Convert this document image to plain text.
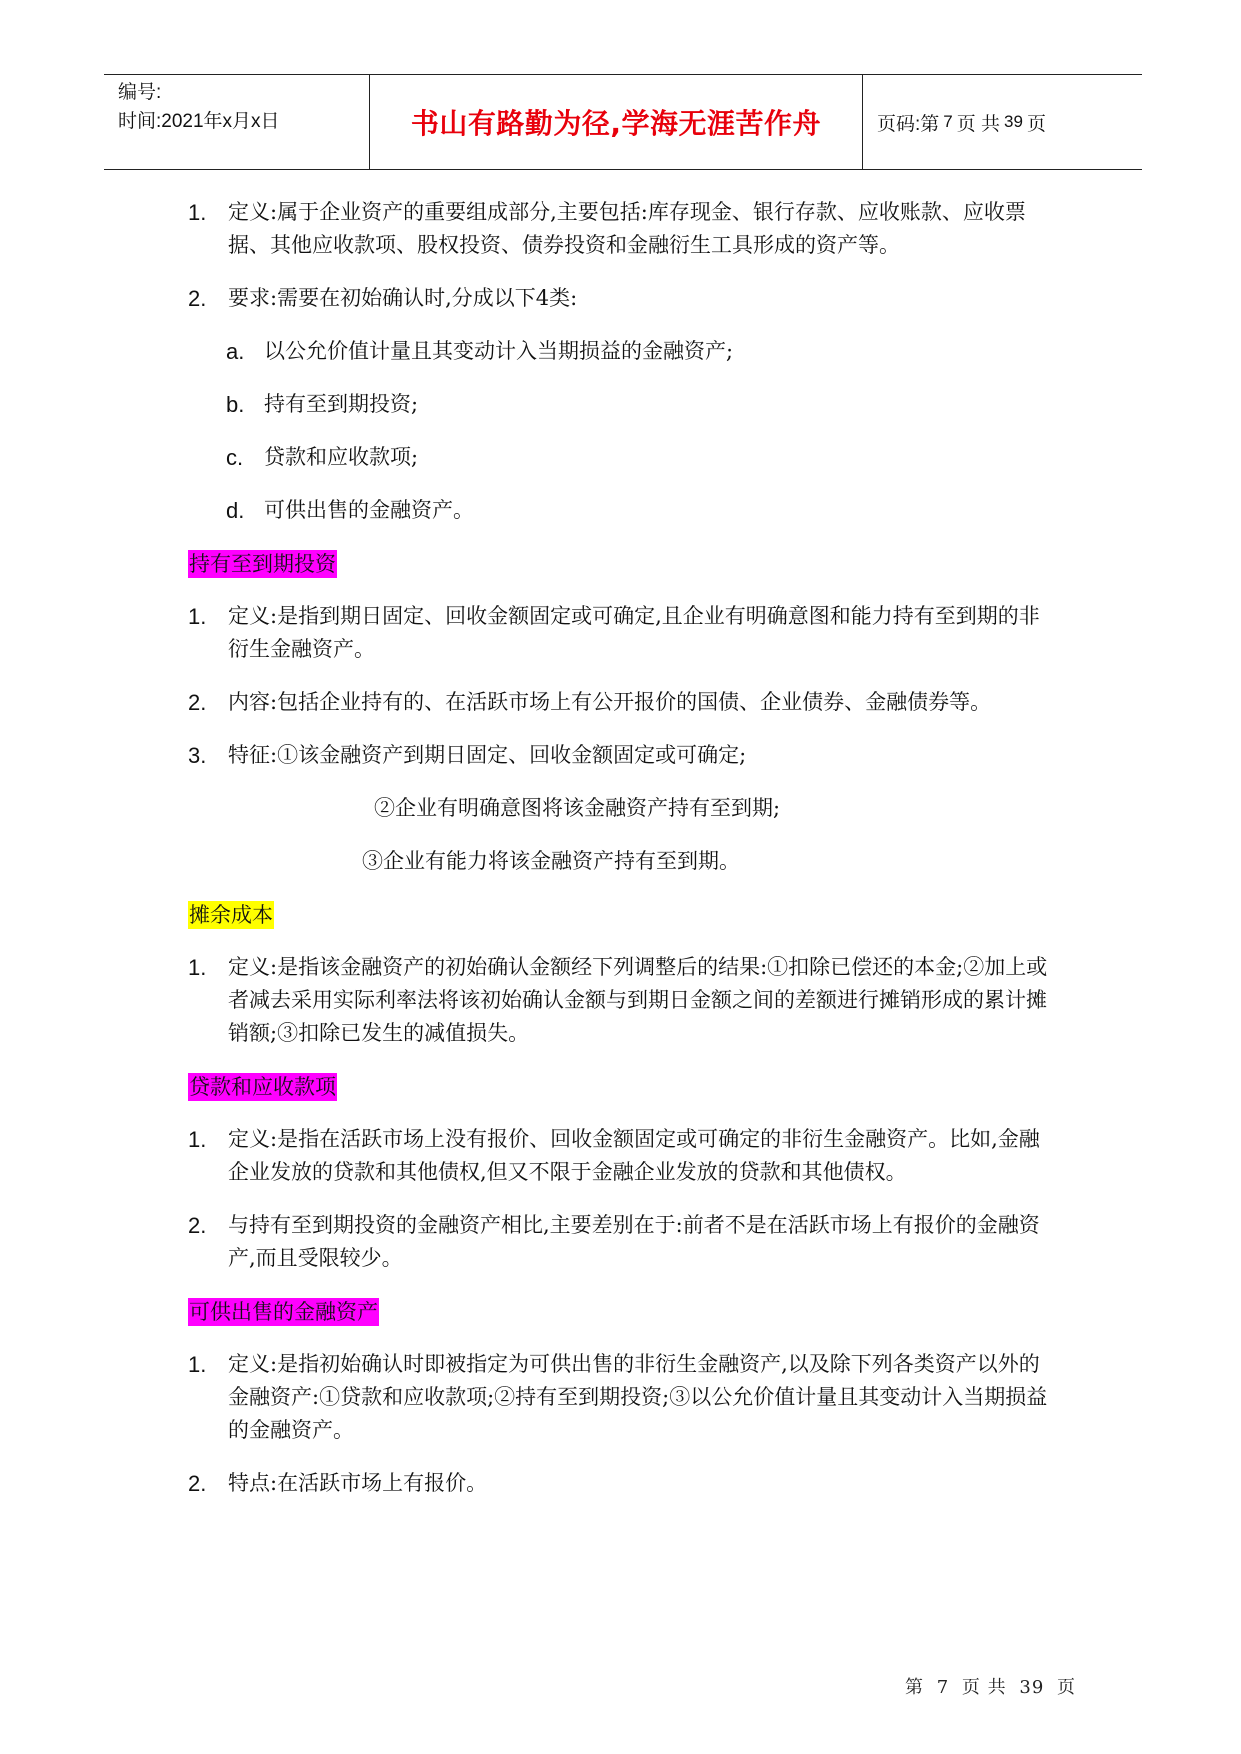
编号:
时间:2021年x月x日	书山有路勤为径,学海无涯苦作舟	页码:第 7 页 共 39 页
1. 定义:属于企业资产的重要组成部分,主要包括:库存现金、银行存款、应收账款、应收票据、其他应收款项、股权投资、债券投资和金融衍生工具形成的资产等。
2. 要求:需要在初始确认时,分成以下4类:
a. 以公允价值计量且其变动计入当期损益的金融资产;
b. 持有至到期投资;
c. 贷款和应收款项;
d. 可供出售的金融资产。
持有至到期投资
1. 定义:是指到期日固定、回收金额固定或可确定,且企业有明确意图和能力持有至到期的非衍生金融资产。
2. 内容:包括企业持有的、在活跃市场上有公开报价的国债、企业债券、金融债券等。
3. 特征:①该金融资产到期日固定、回收金额固定或可确定;
②企业有明确意图将该金融资产持有至到期;
③企业有能力将该金融资产持有至到期。
摊余成本
1. 定义:是指该金融资产的初始确认金额经下列调整后的结果:①扣除已偿还的本金;②加上或者减去采用实际利率法将该初始确认金额与到期日金额之间的差额进行摊销形成的累计摊销额;③扣除已发生的减值损失。
贷款和应收款项
1. 定义:是指在活跃市场上没有报价、回收金额固定或可确定的非衍生金融资产。比如,金融企业发放的贷款和其他债权,但又不限于金融企业发放的贷款和其他债权。
2. 与持有至到期投资的金融资产相比,主要差别在于:前者不是在活跃市场上有报价的金融资产,而且受限较少。
可供出售的金融资产
1. 定义:是指初始确认时即被指定为可供出售的非衍生金融资产,以及除下列各类资产以外的金融资产:①贷款和应收款项;②持有至到期投资;③以公允价值计量且其变动计入当期损益的金融资产。
2. 特点:在活跃市场上有报价。
第 7 页 共 39 页
